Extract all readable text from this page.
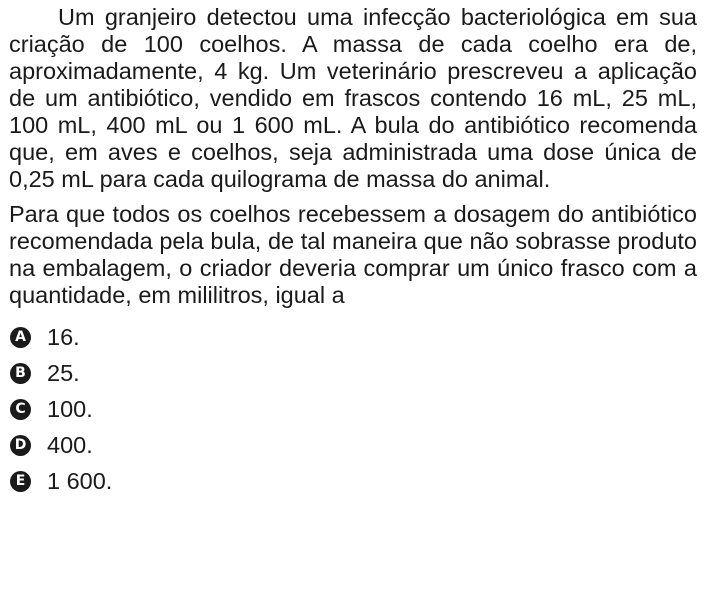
Um granjeiro detectou uma infecção bacteriológica em sua criação de 100 coelhos. A massa de cada coelho era de, aproximadamente, 4 kg. Um veterinário prescreveu a aplicação de um antibiótico, vendido em frascos contendo 16 mL, 25 mL, 100 mL, 400 mL ou 1 600 mL. A bula do antibiótico recomenda que, em aves e coelhos, seja administrada uma dose única de 0,25 mL para cada quilograma de massa do animal.

Para que todos os coelhos recebessem a dosagem do antibiótico recomendada pela bula, de tal maneira que não sobrasse produto na embalagem, o criador deveria comprar um único frasco com a quantidade, em mililitros, igual a

A 16.
B 25.
C 100.
D 400.
E 1 600.
